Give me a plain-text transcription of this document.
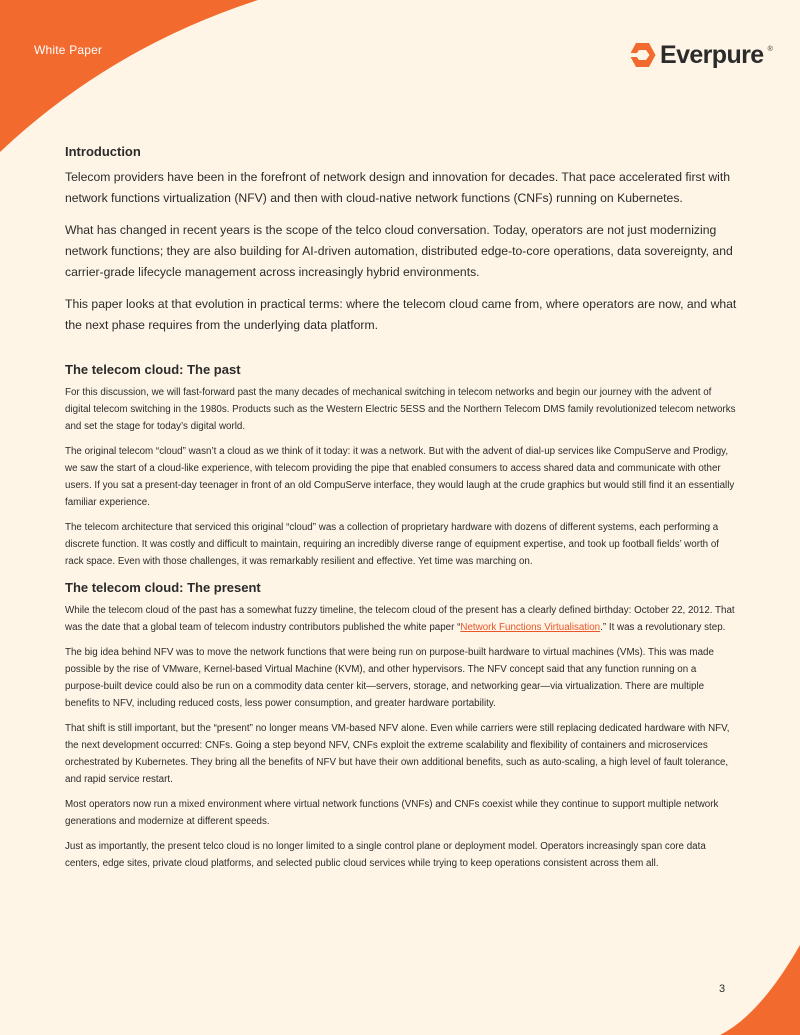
White Paper	Everpure ®
Introduction

Telecom providers have been in the forefront of network design and innovation for decades. That pace accelerated first with network functions virtualization (NFV) and then with cloud-native network functions (CNFs) running on Kubernetes.

What has changed in recent years is the scope of the telco cloud conversation. Today, operators are not just modernizing network functions; they are also building for AI-driven automation, distributed edge-to-core operations, data sovereignty, and carrier-grade lifecycle management across increasingly hybrid environments.

This paper looks at that evolution in practical terms: where the telecom cloud came from, where operators are now, and what the next phase requires from the underlying data platform.

The telecom cloud: The past

For this discussion, we will fast-forward past the many decades of mechanical switching in telecom networks and begin our journey with the advent of digital telecom switching in the 1980s. Products such as the Western Electric 5ESS and the Northern Telecom DMS family revolutionized telecom networks and set the stage for today’s digital world.

The original telecom “cloud” wasn’t a cloud as we think of it today: it was a network. But with the advent of dial-up services like CompuServe and Prodigy, we saw the start of a cloud-like experience, with telecom providing the pipe that enabled consumers to access shared data and communicate with other users. If you sat a present-day teenager in front of an old CompuServe interface, they would laugh at the crude graphics but would still find it an essentially familiar experience.

The telecom architecture that serviced this original “cloud” was a collection of proprietary hardware with dozens of different systems, each performing a discrete function. It was costly and difficult to maintain, requiring an incredibly diverse range of equipment expertise, and took up football fields’ worth of rack space. Even with those challenges, it was remarkably resilient and effective. Yet time was marching on.

The telecom cloud: The present

While the telecom cloud of the past has a somewhat fuzzy timeline, the telecom cloud of the present has a clearly defined birthday: October 22, 2012. That was the date that a global team of telecom industry contributors published the white paper “Network Functions Virtualisation.” It was a revolutionary step.

The big idea behind NFV was to move the network functions that were being run on purpose-built hardware to virtual machines (VMs). This was made possible by the rise of VMware, Kernel-based Virtual Machine (KVM), and other hypervisors. The NFV concept said that any function running on a purpose-built device could also be run on a commodity data center kit—servers, storage, and networking gear—via virtualization. There are multiple benefits to NFV, including reduced costs, less power consumption, and greater hardware portability.

That shift is still important, but the “present” no longer means VM-based NFV alone. Even while carriers were still replacing dedicated hardware with NFV, the next development occurred: CNFs. Going a step beyond NFV, CNFs exploit the extreme scalability and flexibility of containers and microservices orchestrated by Kubernetes. They bring all the benefits of NFV but have their own additional benefits, such as auto-scaling, a high level of fault tolerance, and rapid service restart.

Most operators now run a mixed environment where virtual network functions (VNFs) and CNFs coexist while they continue to support multiple network generations and modernize at different speeds.

Just as importantly, the present telco cloud is no longer limited to a single control plane or deployment model. Operators increasingly span core data centers, edge sites, private cloud platforms, and selected public cloud services while trying to keep operations consistent across them all.

3
